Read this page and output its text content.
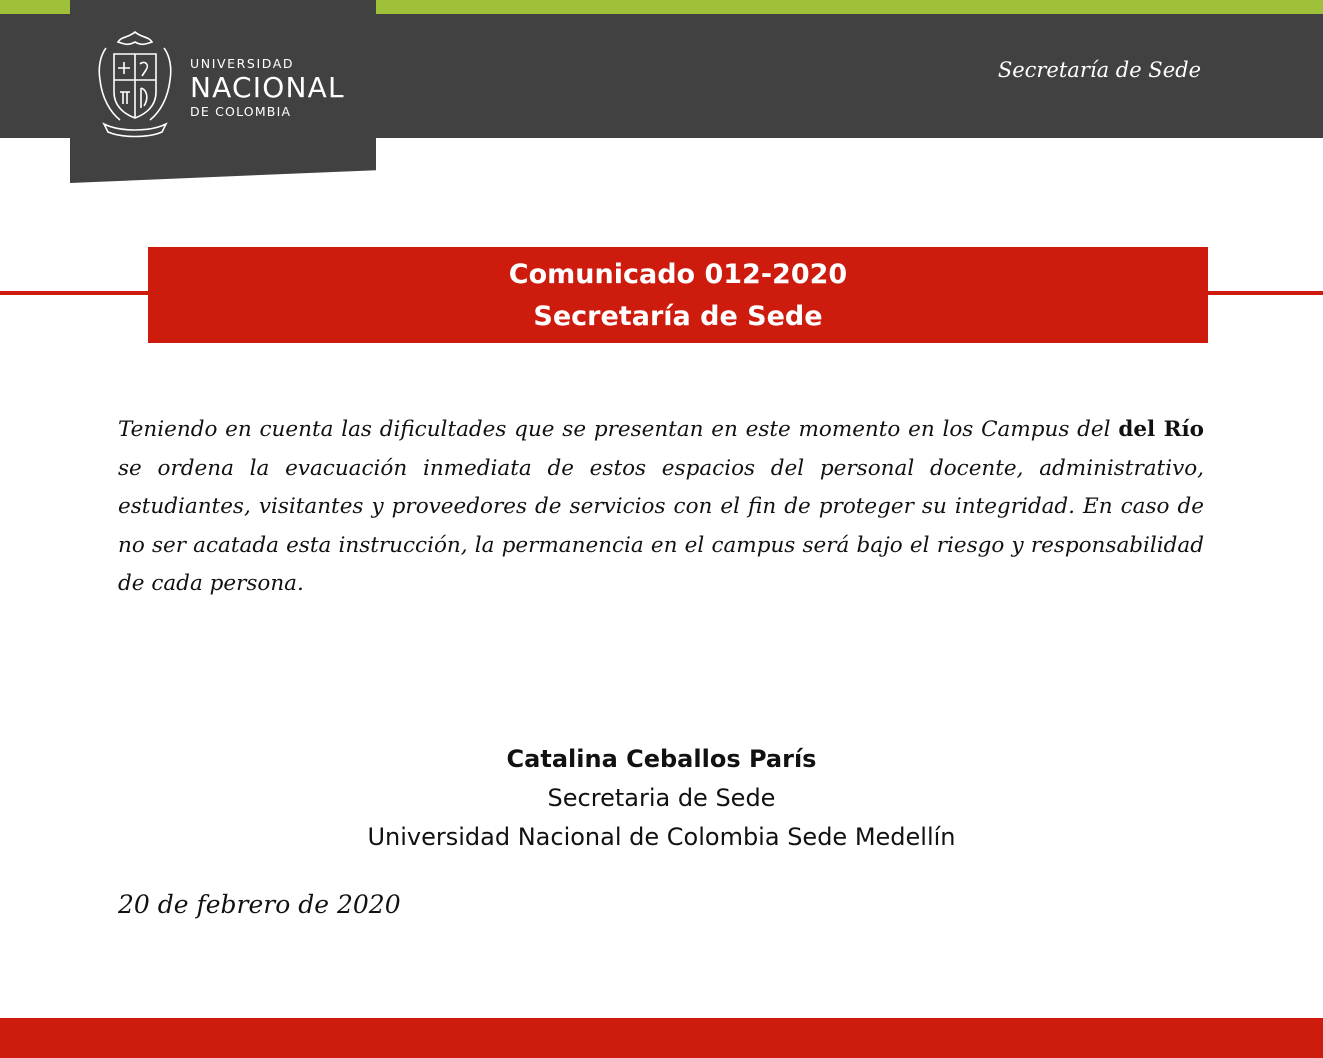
UNIVERSIDAD
NACIONAL
DE COLOMBIA
Secretaría de Sede
Comunicado 012-2020
Secretaría de Sede
Teniendo en cuenta las dificultades que se presentan en este momento en los Campus del del Río se ordena la evacuación inmediata de estos espacios del personal docente, administrativo, estudiantes, visitantes y proveedores de servicios con el fin de proteger su integridad. En caso de no ser acatada esta instrucción, la permanencia en el campus será bajo el riesgo y responsabilidad de cada persona.
Catalina Ceballos París
Secretaria de Sede
Universidad Nacional de Colombia Sede Medellín
20 de febrero de 2020
